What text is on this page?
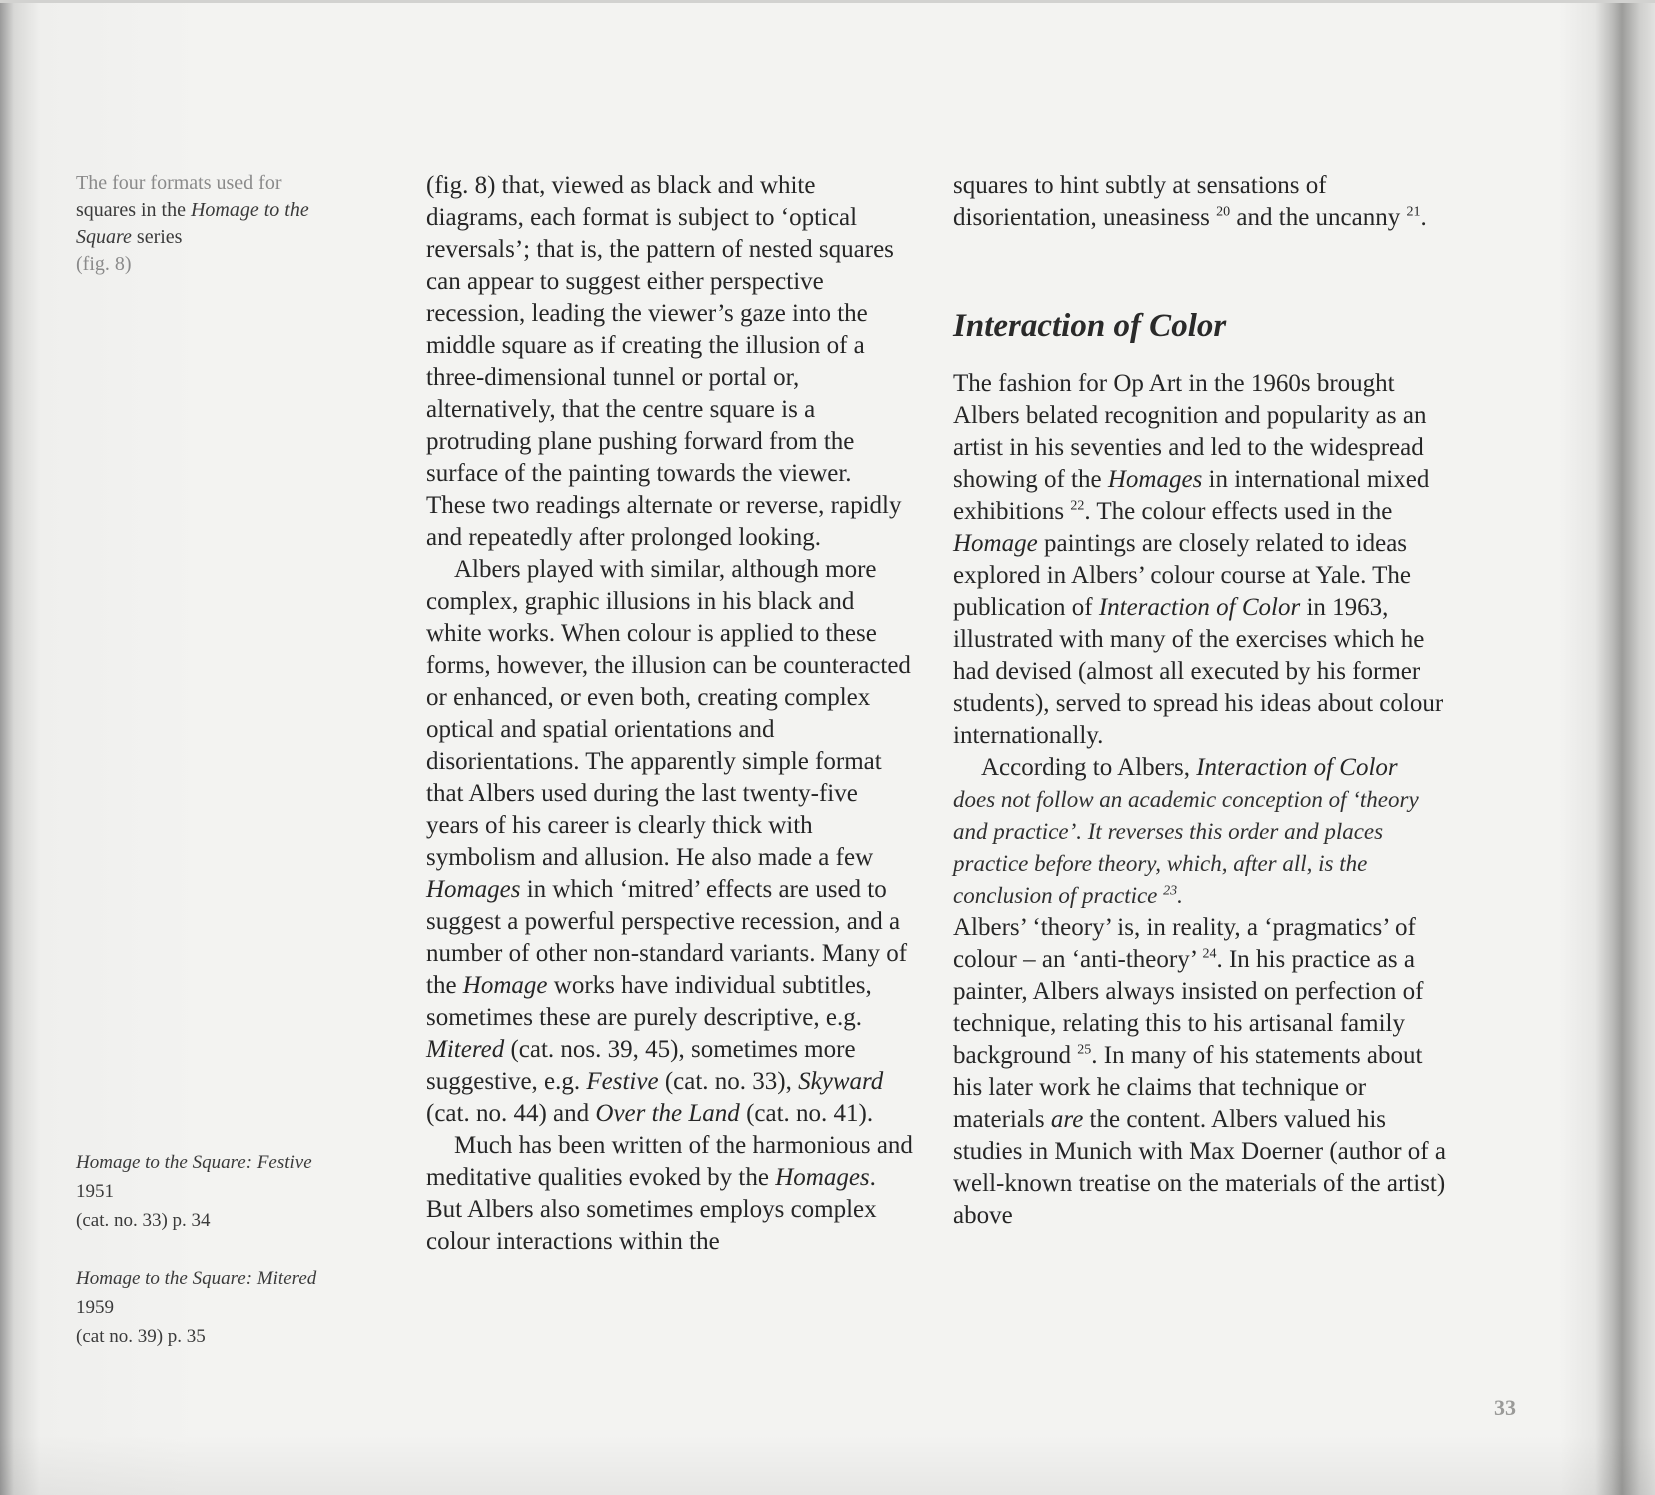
The four formats used for

squares in the Homage to the

Square series

(fig. 8)

Homage to the Square: Festive

1951

(cat. no. 33) p. 34

Homage to the Square: Mitered

1959

(cat no. 39) p. 35

(fig. 8) that, viewed as black and white diagrams, each format is subject to ‘optical reversals’; that is, the pattern of nested squares can appear to suggest either perspective recession, leading the viewer’s gaze into the middle square as if creating the illusion of a three-dimensional tunnel or portal or, alternatively, that the centre square is a protruding plane pushing forward from the surface of the painting towards the viewer. These two readings alternate or reverse, rapidly and repeatedly after prolonged looking.

Albers played with similar, although more complex, graphic illusions in his black and white works. When colour is applied to these forms, however, the illusion can be counteracted or enhanced, or even both, creating complex optical and spatial orientations and disorientations. The apparently simple format that Albers used during the last twenty-five years of his career is clearly thick with symbolism and allusion. He also made a few Homages in which ‘mitred’ effects are used to suggest a powerful perspective recession, and a number of other non-standard variants. Many of the Homage works have individual subtitles, sometimes these are purely descriptive, e.g. Mitered (cat. nos. 39, 45), sometimes more suggestive, e.g. Festive (cat. no. 33), Skyward (cat. no. 44) and Over the Land (cat. no. 41).

Much has been written of the harmonious and meditative qualities evoked by the Homages. But Albers also sometimes employs complex colour interactions within the

squares to hint subtly at sensations of disorientation, uneasiness $^{20}$ and the uncanny $^{21}$.

Interaction of Color

The fashion for Op Art in the 1960s brought Albers belated recognition and popularity as an artist in his seventies and led to the widespread showing of the Homages in international mixed exhibitions $^{22}$. The colour effects used in the Homage paintings are closely related to ideas explored in Albers’ colour course at Yale. The publication of Interaction of Color in 1963, illustrated with many of the exercises which he had devised (almost all executed by his former students), served to spread his ideas about colour internationally.

According to Albers, Interaction of Color

does not follow an academic conception of ‘theory and practice’. It reverses this order and places practice before theory, which, after all, is the conclusion of practice $^{23}$.

Albers’ ‘theory’ is, in reality, a ‘pragmatics’ of colour – an ‘anti-theory’ $^{24}$. In his practice as a painter, Albers always insisted on perfection of technique, relating this to his artisanal family background $^{25}$. In many of his statements about his later work he claims that technique or materials are the content. Albers valued his studies in Munich with Max Doerner (author of a well-known treatise on the materials of the artist) above

33
